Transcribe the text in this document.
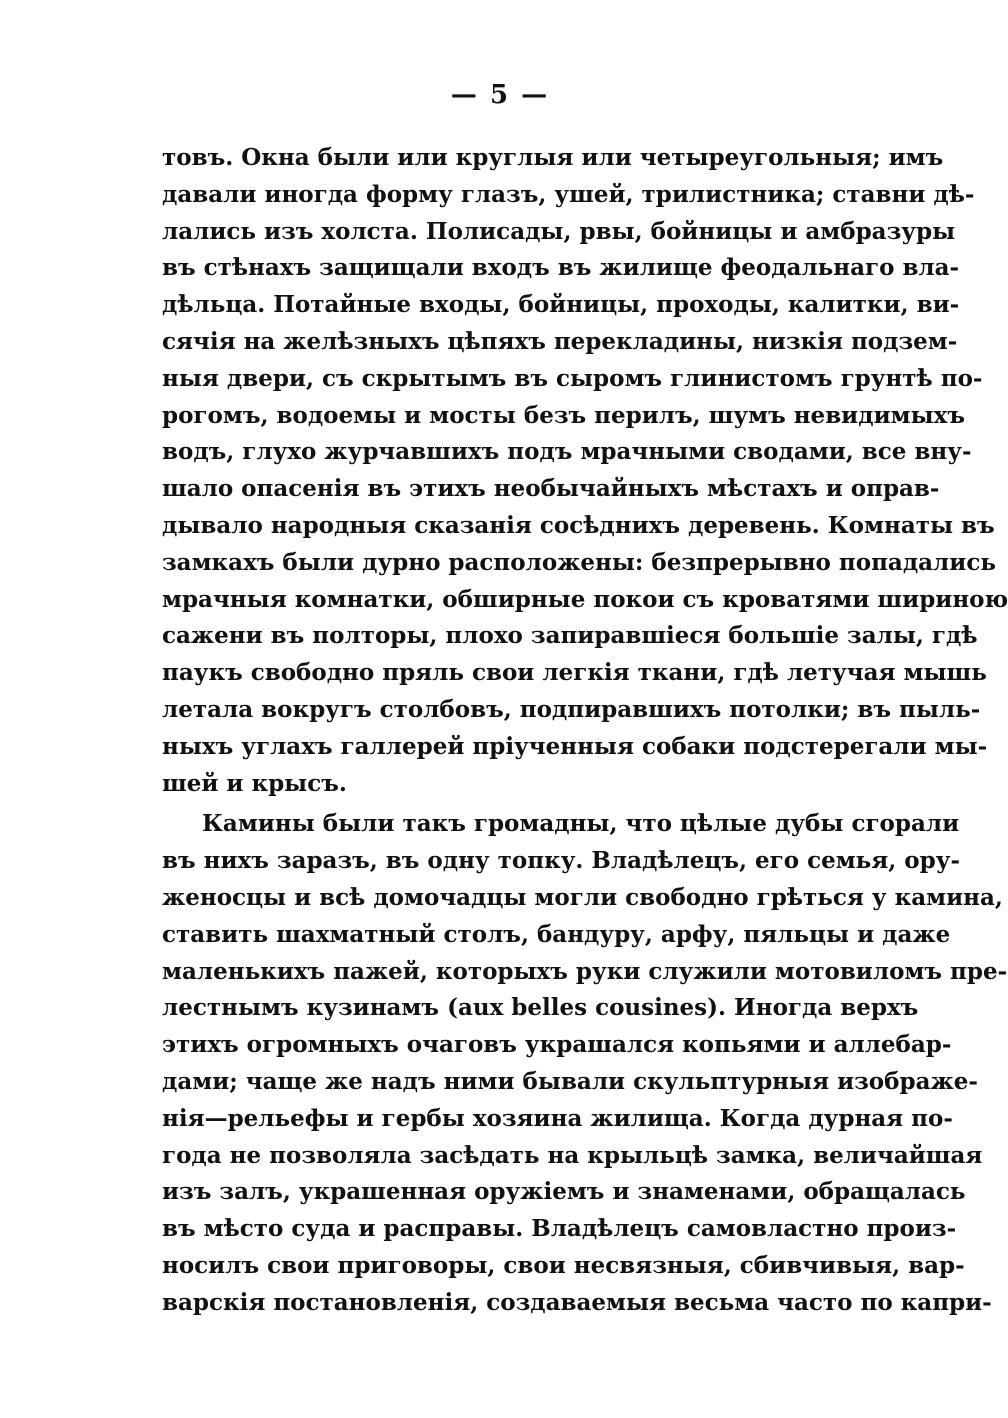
— 5 —
товъ. Окна были или круглыя или четыреугольныя; имъ
давали иногда форму глазъ, ушей, трилистника; ставни дѣ-
лались изъ холста. Полисады, рвы, бойницы и амбразуры
въ стѣнахъ защищали входъ въ жилище феодальнаго вла-
дѣльца. Потайные входы, бойницы, проходы, калитки, ви-
сячія на желѣзныхъ цѣпяхъ перекладины, низкія подзем-
ныя двери, съ скрытымъ въ сыромъ глинистомъ грунтѣ по-
рогомъ, водоемы и мосты безъ перилъ, шумъ невидимыхъ
водъ, глухо журчавшихъ подъ мрачными сводами, все вну-
шало опасенія въ этихъ необычайныхъ мѣстахъ и оправ-
дывало народныя сказанія сосѣднихъ деревень. Комнаты въ
замкахъ были дурно расположены: безпрерывно попадались
мрачныя комнатки, обширные покои съ кроватями шириною
сажени въ полторы, плохо запиравшіеся большіе залы, гдѣ
паукъ свободно пряль свои легкія ткани, гдѣ летучая мышь
летала вокругъ столбовъ, подпиравшихъ потолки; въ пыль-
ныхъ углахъ галлерей пріученныя собаки подстерегали мы-
шей и крысъ.
Камины были такъ громадны, что цѣлые дубы сгорали
въ нихъ заразъ, въ одну топку. Владѣлецъ, его семья, ору-
женосцы и всѣ домочадцы могли свободно грѣться у камина,
ставить шахматный столъ, бандуру, арфу, пяльцы и даже
маленькихъ пажей, которыхъ руки служили мотовиломъ пре-
лестнымъ кузинамъ (aux belles cousines). Иногда верхъ
этихъ огромныхъ очаговъ украшался копьями и аллебар-
дами; чаще же надъ ними бывали скульптурныя изображе-
нія—рельефы и гербы хозяина жилища. Когда дурная по-
года не позволяла засѣдать на крыльцѣ замка, величайшая
изъ залъ, украшенная оружіемъ и знаменами, обращалась
въ мѣсто суда и расправы. Владѣлецъ самовластно произ-
носилъ свои приговоры, свои несвязныя, сбивчивыя, вар-
варскія постановленія, создаваемыя весьма часто по капри-
